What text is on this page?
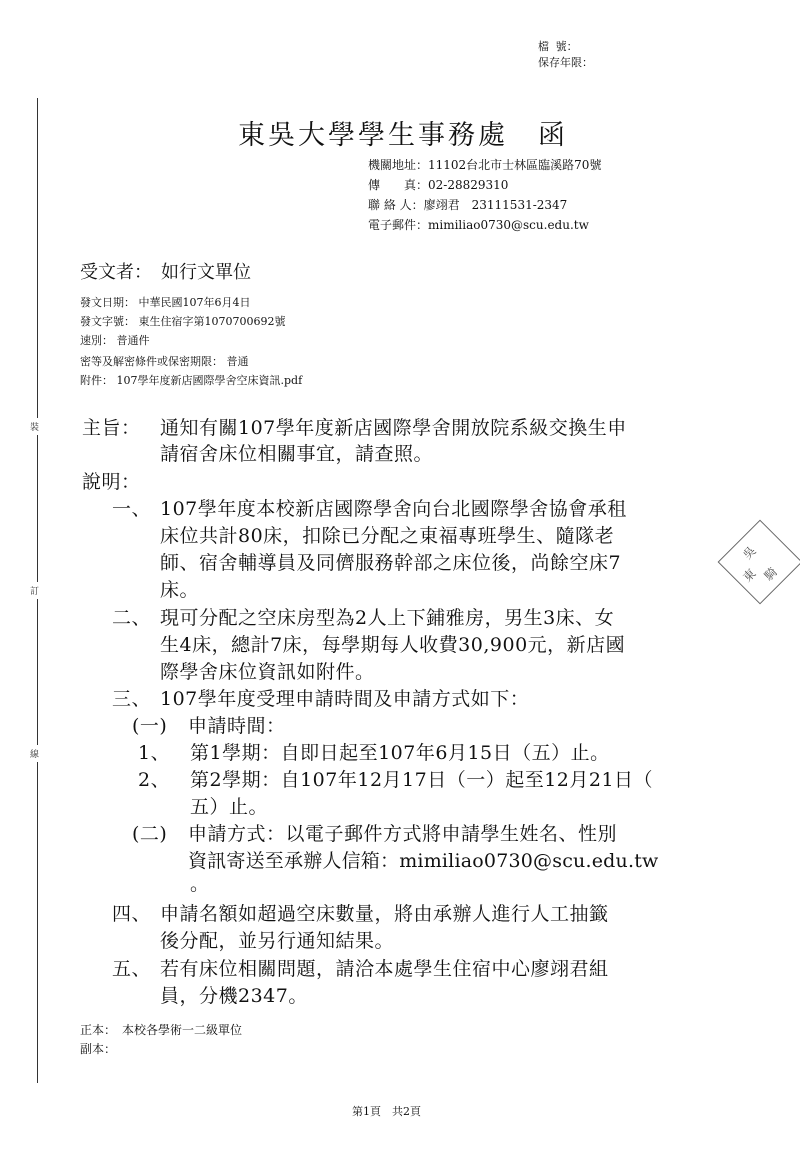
檔 號：
保存年限：
裝
訂
線
東吳大學學生事務處　函
機關地址：11102台北市士林區臨溪路70號
傳　　真：02-28829310
聯 絡 人：廖翊君　23111531-2347
電子郵件：mimiliao0730@scu.edu.tw
受文者：　如行文單位
發文日期： 中華民國107年6月4日
發文字號： 東生住宿字第1070700692號
速別： 普通件
密等及解密條件或保密期限： 普通
附件： 107學年度新店國際學舍空床資訊.pdf
主旨： 通知有關107學年度新店國際學舍開放院系級交換生申
請宿舍床位相關事宜，請查照。
說明：
一、 107學年度本校新店國際學舍向台北國際學舍協會承租
床位共計80床，扣除已分配之東福專班學生、隨隊老
師、宿舍輔導員及同儕服務幹部之床位後，尚餘空床7
床。
二、 現可分配之空床房型為2人上下鋪雅房，男生3床、女
生4床，總計7床，每學期每人收費30,900元，新店國
際學舍床位資訊如附件。
三、 107學年度受理申請時間及申請方式如下：
(一) 申請時間：
1、 第1學期：自即日起至107年6月15日（五）止。
2、 第2學期：自107年12月17日（一）起至12月21日（
五）止。
(二) 申請方式：以電子郵件方式將申請學生姓名、性別
資訊寄送至承辦人信箱：mimiliao0730@scu.edu.tw
。
四、 申請名額如超過空床數量，將由承辦人進行人工抽籤
後分配，並另行通知結果。
五、 若有床位相關問題，請洽本處學生住宿中心廖翊君組
員，分機2347。
正本：　本校各學術一二級單位
副本：
東
吳
騎
第1頁　共2頁
